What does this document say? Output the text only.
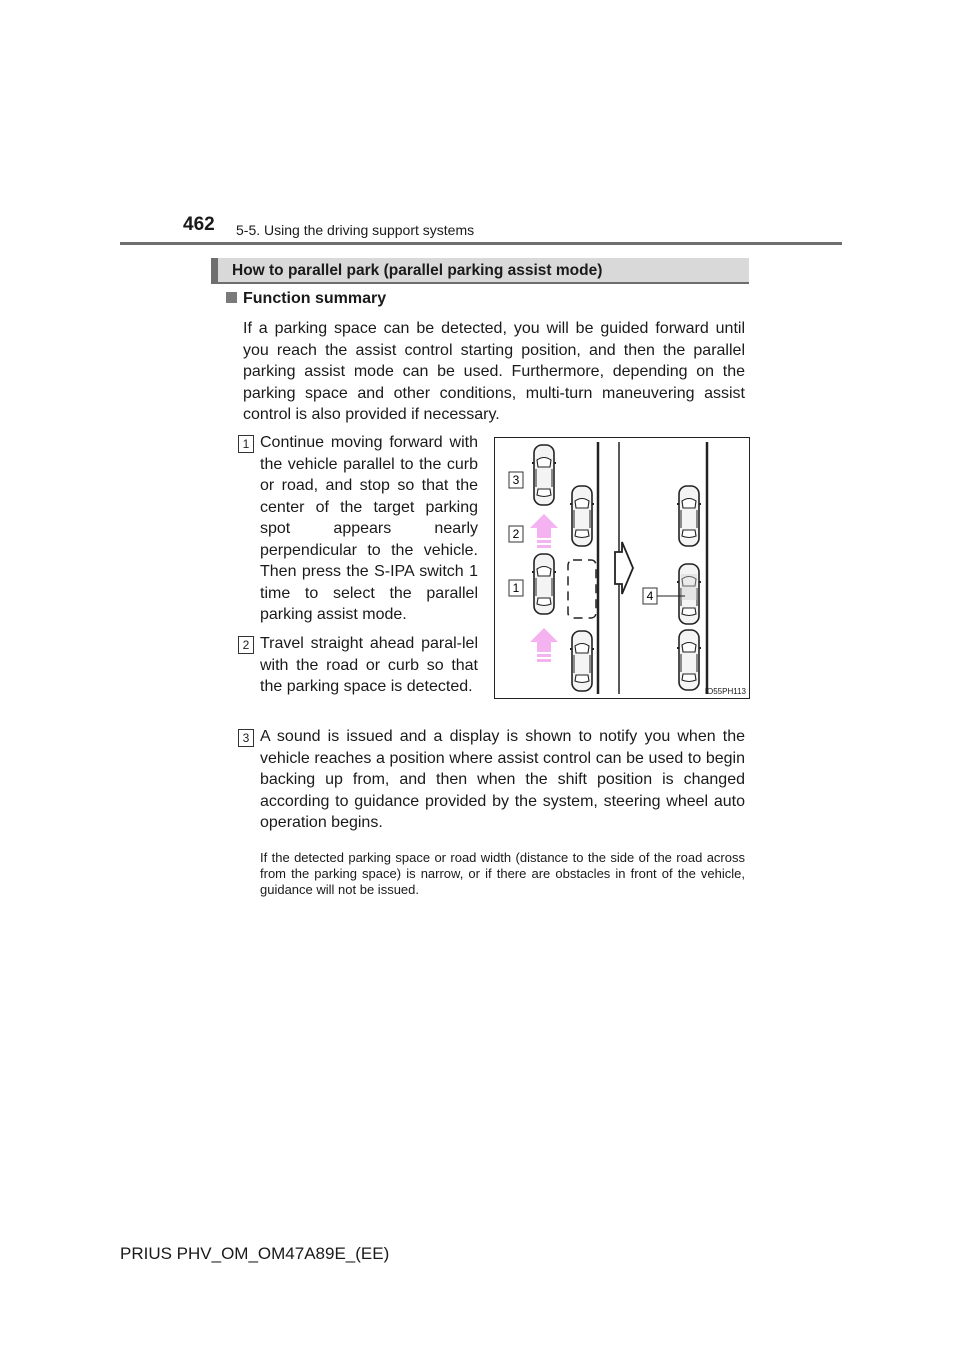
462 5-5. Using the driving support systems
How to parallel park (parallel parking assist mode)
Function summary
If a parking space can be detected, you will be guided forward until you reach the assist control starting position, and then the parallel parking assist mode can be used. Furthermore, depending on the parking space and other conditions, multi-turn maneuvering assist control is also provided if necessary.
1 Continue moving forward with the vehicle parallel to the curb or road, and stop so that the center of the target parking spot appears nearly perpendicular to the vehicle. Then press the S-IPA switch 1 time to select the parallel parking assist mode.
2 Travel straight ahead paral-lel with the road or curb so that the parking space is detected.
3 A sound is issued and a display is shown to notify you when the vehicle reaches a position where assist control can be used to begin backing up from, and then when the shift position is changed according to guidance provided by the system, steering wheel auto operation begins.
If the detected parking space or road width (distance to the side of the road across from the parking space) is narrow, or if there are obstacles in front of the vehicle, guidance will not be issued.
3
2
1
4
IO55PH113
PRIUS PHV_OM_OM47A89E_(EE)
